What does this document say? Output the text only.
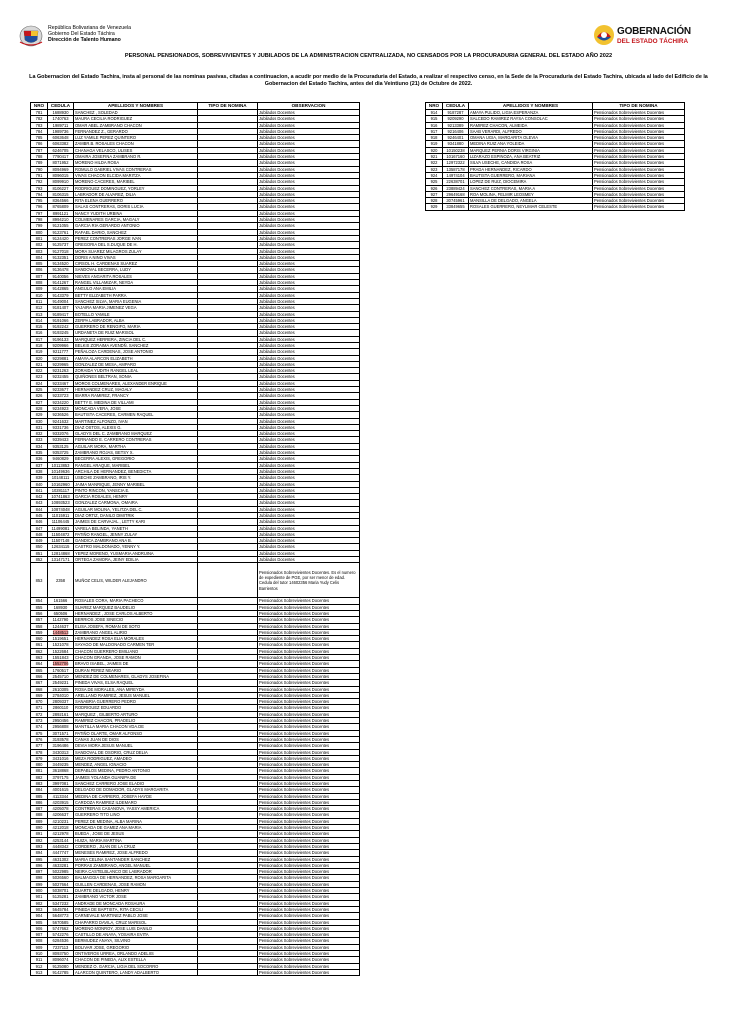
República Bolivariana de Venezuela
Gobierno Del Estado Táchira
Dirección de Talento Humano
GOBERNACIÓN
DEL ESTADO TÁCHIRA
PERSONAL PENSIONADOS, SOBREVIVIENTES Y JUBILADOS DE LA ADMINISTRACION CENTRALIZADA, NO CENSADOS POR LA PROCURADURIA GENERAL DEL ESTADO AÑO 2022
La Gobernacion del Estado Tachira, insta al personal de las nominas pasivas, citadas a continuacion, a acudir por medio de la Procuraduria del Estado, a realizar el respectivo censo, en la Sede de la Procuraduria del Estado Tachira, ubicada al lado del Edificio de la Gobernacion del Estado Tachira, antes del dia Veintiuno (21) de Octubre de 2022.
NRO	CEDULA	APELLIDOS Y NOMBRES	TIPO DE NOMINA	OBSERVACION
781	1688930	SANCHEZ , SOLEDAD		Jubilados Docentes
782	1740763	MAURA CECILIA RODRIGUEZ		Jubilados Docentes
783	1989711	OMAR ABEL ZAMBRANO CHACON		Jubilados Docentes
784	1989736	FERNANDEZ Z., GERARDO		Jubilados Docentes
785	6063648	LUZ YAMILE PEREZ QUINTERO		Jubilados Docentes
786	6063382	ZAMBR.B. ROSALES CHACON		Jubilados Docentes
787	6246705	CHANAGA VELASCO, ULISES		Jubilados Docentes
788	7790417	OMAIRA JOSEFINA ZAMBRANO R.		Jubilados Docentes
789	8071952	MORENO HILDA ROSA		Jubilados Docentes
790	8094969	ROMULO GABRIEL VIVAS CONTRERAS		Jubilados Docentes
791	8096015	VIVAS CHACON ELCIDA MARITZA		Jubilados Docentes
792	8099910	MORENO CACERES, MARIBEL		Jubilados Docentes
793	8106227	RODRIGUEZ DOMINGUEZ, YORLEY		Jubilados Docentes
794	8106315	LABRADOR DE ALVAREZ, DILIA		Jubilados Docentes
795	8364566	RITA ELENA GUERRERO		Jubilados Docentes
796	8765809	SALAS CONTRERAS, DORIS LUCIA		Jubilados Docentes
797	8991121	NANCY YUDITH URBINA		Jubilados Docentes
798	8994210	COLMENARES GARCIA, MAGALY		Jubilados Docentes
799	9121055	GARCIA RIA GERARDO ANTONIO		Jubilados Docentes
800	9123761	RAFAEL DARIO, SANCHEZ		Jubilados Docentes
801	9124420	PEREZ CONTRERAS JORGE IVAN		Jubilados Docentes
802	9125737	GREGORIA DEL S.DUQUE DE H.		Jubilados Docentes
803	9127018	MORA SUAREZ MILAGROS ZULAY		Jubilados Docentes
804	9132351	DORIS A NINO VIVAS		Jubilados Docentes
805	9134520	CIRSOL H. CARDENAS SUAREZ		Jubilados Docentes
806	9136478	SANDOVAL BECERRA, LUDY		Jubilados Docentes
807	9140056	NIEVES ANGARITA ROSALES		Jubilados Docentes
808	9141267	RANGEL VILLAMIZAR, NEYDA		Jubilados Docentes
809	9142865	ANGULO ANA EMILIA		Jubilados Docentes
810	9143379	BETTY ELIZABETH PARRA		Jubilados Docentes
811	9149004	SANCHEZ SILVA, MARIA EUGENIA		Jubilados Docentes
812	9181407	YAJAIRA MARIA JIMENEZ VEGA		Jubilados Docentes
813	9189417	BOTELLO YAMILE		Jubilados Docentes
814	9191066	ZERPA LABRADOR, ALBA		Jubilados Docentes
815	9192242	GUERRERO DE RENGIFO, MARIA		Jubilados Docentes
816	9193245	URDANETA DE RUIZ MARISOL		Jubilados Docentes
817	9196133	MARQUEZ HERRERA, ZINCIA DEL C.		Jubilados Docentes
818	9209966	BELKIS ZORAIMA AVENDÑ. SANCHEZ		Jubilados Docentes
819	9211777	PEÑALOZA CARDENAS, JOSE ANTONIO		Jubilados Docentes
820	9229881	AMAYA ALARCON ELIZABETH		Jubilados Docentes
821	9229965	GONZALEZ DE MESA, AMPARO		Jubilados Docentes
822	9231263	ZORAIDA YUDITH RANGEL LEAL		Jubilados Docentes
823	9232455	QUIÑONES BELTRAN, SONIA		Jubilados Docentes
824	9233467	MOROS COLMENARES, ALEXANDER ENRIQUE		Jubilados Docentes
825	9233677	HERNANDEZ CRUZ, MAGALY		Jubilados Docentes
826	9233723	IBARRA RAMIREZ, FRANCY		Jubilados Docentes
827	9234220	BETTY E. MEDINA DE VILLAMI		Jubilados Docentes
828	9234923	MONCADA VERA, JOSE		Jubilados Docentes
829	9236526	BAUTISTA CACERES, CARMEN RAQUEL		Jubilados Docentes
830	9241632	MARTINEZ ALFONZO, IVAN		Jubilados Docentes
831	9331736	DIAZ OSTOS, ALEXIS G.		Jubilados Docentes
832	9332076	GLADYS DEL C. ZAMBRANO MARQUEZ		Jubilados Docentes
833	9339433	FERNANDO E. CARRERO CONTRERAS		Jubilados Docentes
834	9353125	AGUILAR MORA, MARTHA		Jubilados Docentes
835	9353725	ZAMBRANO ROJAS, BETSY X.		Jubilados Docentes
836	9460829	BECERRA ALEXIS, GREGORIO		Jubilados Docentes
837	10113853	RANGEL ARAQUE, MARIBEL		Jubilados Docentes
838	10149636	ARCHILA DE HERNANDEZ, BENEDICTA		Jubilados Docentes
839	10148111	USECHE ZAMBRANO, IRIS Y.		Jubilados Docentes
840	10162960	JAIMA MANRIQUE, JENNY MARIBEL		Jubilados Docentes
841	10281117	PINTO RINCON, YANSCIA E.		Jubilados Docentes
842	10741863	GARCIA ROSALES, HENRY		Jubilados Docentes
843	10893523	GONZALEZ CARMONA, OMAIRA		Jubilados Docentes
844	10874048	AGUILAR MOLINA, YELITZA DEL C.		Jubilados Docentes
845	11015911	DIAZ ORTIZ, DANILO DIMITRIK		Jubilados Docentes
846	11106445	JAIMES DE CARVAJAL , LETTY KARI		Jubilados Docentes
847	11499081	VARELA BELINDA, YANETH		Jubilados Docentes
848	11504872	PATIÑO RANGEL, JENNY ZULAY		Jubilados Docentes
849	11507148	GANDICA ZAMBRANO ANA B.		Jubilados Docentes
850	12634115	CASTRO MALDONADO, YENNY Y.		Jubilados Docentes
851	12814868	YEPEZ MORENO, YUSMARIA ANDRUINA		Jubilados Docentes
852	13147171	ORTEGA ZAMORA, JEINY EDILIA		Jubilados Docentes
853	2358	MUÑOZ CELIS, WILDER ALEJANDRO		Pensionados Sobrevivientes Docentes. Es el numero de expediente de PGE, por ser menor de edad. Cedula del tutor 14602356 Maria Yudy Celis Barrientos
854	161566	ROSALES CORA, MARIA PACHECO		Pensionados Sobrevivientes Docentes
855	168930	SUAREZ MARQUEZ BAUDELIO		Pensionados Sobrevivientes Docentes
856	650506	HERNANDEZ , JOSE CARLOS ALBERTO		Pensionados Sobrevivientes Docentes
857	1142790	BERRIOS JOSE SINECIO		Pensionados Sobrevivientes Docentes
858	1244637	ELISA JOSEFA, ROMAN DE SOTO		Pensionados Sobrevivientes Docentes
859	1448513	ZAMBRANO ANGEL ALIRIO		Pensionados Sobrevivientes Docentes
860	1519651	HERNANDEZ ROSA ELIA MORALES		Pensionados Sobrevivientes Docentes
861	1521078	SAYAGO DE MALDONADO CARMEN TER		Pensionados Sobrevivientes Docentes
862	1522684	CHACON GUERRERO EMILIANO		Pensionados Sobrevivientes Docentes
863	1551843	CHACON GRANDA, JOSE RAMON		Pensionados Sobrevivientes Docentes
864	1552706	BRAVO ISABEL, JAIMES DE		Pensionados Sobrevivientes Docentes
865	1760517	DURAN PEREZ NEARIO		Pensionados Sobrevivientes Docentes
866	2545710	MENDEZ DE COLMENARES, GLADYS JOSEFINA		Pensionados Sobrevivientes Docentes
867	2549231	PINEDA VIVAS, ELSA RAQUEL		Pensionados Sobrevivientes Docentes
868	2610305	ROSA DE MORALES, ANA MIREYDA		Pensionados Sobrevivientes Docentes
869	2784010	ARELLANO RAMIREZ, JESUS MANUEL		Pensionados Sobrevivientes Docentes
870	2809337	SANABRIA GUERRERO PEDRO		Pensionados Sobrevivientes Docentes
871	2860110	RODRIGUEZ EDUARDO		Pensionados Sobrevivientes Docentes
872	2892161	MARQUEZ , GILBERTO ARTURO		Pensionados Sobrevivientes Docentes
873	2950456	RAMIREZ CHACON, PRADELIO		Pensionados Sobrevivientes Docentes
874	2956808	MANTILLA MARIA CHACON VDA.DE		Pensionados Sobrevivientes Docentes
875	3071571	PATIÑO OLARTE, OMAR ALFONSO		Pensionados Sobrevivientes Docentes
876	3193578	CANAS JUAN DE DIOS		Pensionados Sobrevivientes Docentes
877	3196486	DEVIA MORA JESUS MANUEL		Pensionados Sobrevivientes Docentes
878	3430313	SANDOVAL DE OSORIO, CRUZ DELIA		Pensionados Sobrevivientes Docentes
879	3431016	MEZA RODRIGUEZ, AMADEO		Pensionados Sobrevivientes Docentes
880	3449235	MENDEZ, ANGEL IGNACIO		Pensionados Sobrevivientes Docentes
881	3618868	DEPABLOS MEDINA, PEDRO ANTONIO		Pensionados Sobrevivientes Docentes
882	3797175	JAIMES YOLANDA GUANIPA DE		Pensionados Sobrevivientes Docentes
883	3997081	SANCHEZ CARRERO JOSE ELADIO		Pensionados Sobrevivientes Docentes
884	4001615	DELGADO DE DOMADOR, GLADYS MARGARITA		Pensionados Sobrevivientes Docentes
885	4113344	MEDINA DE CARRERO, JOSEFA HAYDE		Pensionados Sobrevivientes Docentes
886	4203915	CARDOZA RAMIREZ ILDEMARO		Pensionados Sobrevivientes Docentes
887	4205078	CONTRERAS CASANOVA, YASSY AMERICA		Pensionados Sobrevivientes Docentes
888	4206637	GUERRERO TITO LINO		Pensionados Sobrevivientes Docentes
889	4210231	PEREZ DE MEDINA, ALBA MARINA		Pensionados Sobrevivientes Docentes
890	4212018	MONCADA DE GAMEZ ANA MARIA		Pensionados Sobrevivientes Docentes
891	4212978	BUEDA , JOSE DE JESUS		Pensionados Sobrevivientes Docentes
892	4253144	HUIZA, MARIA MARTINA		Pensionados Sobrevivientes Docentes
893	4448342	CORDERO , JUAN DE LA CRUZ		Pensionados Sobrevivientes Docentes
894	4447747	MENESES RAMIREZ, JOSE ALFREDO		Pensionados Sobrevivientes Docentes
895	4631302	MARIA CELINA SANTANDER SANCHEZ		Pensionados Sobrevivientes Docentes
896	4633281	PORRAS ZAMBRANO, ANGEL MANUEL		Pensionados Sobrevivientes Docentes
897	5022985	NEIRA CASTELBLANCO DE LABRADOR		Pensionados Sobrevivientes Docentes
898	5026560	BALMAGGIA DE HERNANDEZ, ROSA MARGARITA		Pensionados Sobrevivientes Docentes
899	5027664	GUILLEN CARDENAS, JOSE RAMON		Pensionados Sobrevivientes Docentes
900	5038701	DUARTE DELGADO, HENRY		Pensionados Sobrevivientes Docentes
901	5125281	ZAMBRANO VICTOR JOSE		Pensionados Sobrevivientes Docentes
902	5347232	ANDRADE DE MONCADA ROSAURA		Pensionados Sobrevivientes Docentes
903	5645784	PINEDA DE BAPTISTA, RITA CECILI		Pensionados Sobrevivientes Docentes
904	5648773	CARNEVALE MARTINEZ PABLO JOSE		Pensionados Sobrevivientes Docentes
905	5670585	CHAPARRO DAVILA, CRUZ MARISOL		Pensionados Sobrevivientes Docentes
906	5747662	MORENO MONROY, JOSE LUIS DANILO		Pensionados Sobrevivientes Docentes
907	5742276	CASTILLO DE ANAYA, YOSAIRA EVITA		Pensionados Sobrevivientes Docentes
908	6284536	BERMUDEZ ANAYA, SILVINO		Pensionados Sobrevivientes Docentes
909	7237113	BOLIVAR JOSE, GREGORIO		Pensionados Sobrevivientes Docentes
910	8093750	ONTIVEROS URREA, ORLANDO ADELIIS		Pensionados Sobrevivientes Docentes
911	8096074	CHACON DE PINEDA, ALIX ESTELLA		Pensionados Sobrevivientes Docentes
912	9125080	MENDEZ O. GARCIA, LIGIA DEL SOCORRO		Pensionados Sobrevivientes Docentes
913	9142785	ALARCON QUINTERO, LANDY ADALBERTO		Pensionados Sobrevivientes Docentes
NRO	CEDULA	APELLIDOS Y NOMBRES	TIPO DE NOMINA
914	9187287	AMAYA PULIDO, LIGIA ESPERANZA	Pensionados Sobrevivientes Docentes
915	9209290	SALCEDO RAMIREZ RAYSA CONSOLAC	Pensionados Sobrevivientes Docentes
916	9213389	RAMIREZ CHACON, ALMEIDA	Pensionados Sobrevivientes Docentes
917	9216406	SAAB VERARDI, ALFREDO	Pensionados Sobrevivientes Docentes
918	9246401	OMANA UGIA, MARGARITA OLEVIA	Pensionados Sobrevivientes Docentes
919	9341880	MEDINA RUIZ ANA YOLEIDA	Pensionados Sobrevivientes Docentes
920	10150238	MARQUEZ PERNIA DORIS VIRGINIA	Pensionados Sobrevivientes Docentes
921	10167160	LIZARAZO ESPINOZA, ANA BEATRIZ	Pensionados Sobrevivientes Docentes
922	12972322	SILVA USECHE, CANDIDA ROSA	Pensionados Sobrevivientes Docentes
923	13587178	PRADA HERNANDEZ, RICARDO	Pensionados Sobrevivientes Docentes
924	14974104	BAUTISTA GUERRERO, MARIANA	Pensionados Sobrevivientes Docentes
925	22638701	LOPEZ DE RUIZ, DIOCEMIRA	Pensionados Sobrevivientes Docentes
926	23889424	SANCHEZ CONTRERAS, MARIA A	Pensionados Sobrevivientes Docentes
927	29649168	ROA MOLINA, FELMIR LEOSMEY	Pensionados Sobrevivientes Docentes
928	30745961	MANSILLA DE DELGADO, ANGELA	Pensionados Sobrevivientes Docentes
929	33849655	ROSALES GUERRERO, NEYLIMAR CELESTE	Pensionados Sobrevivientes Docentes
